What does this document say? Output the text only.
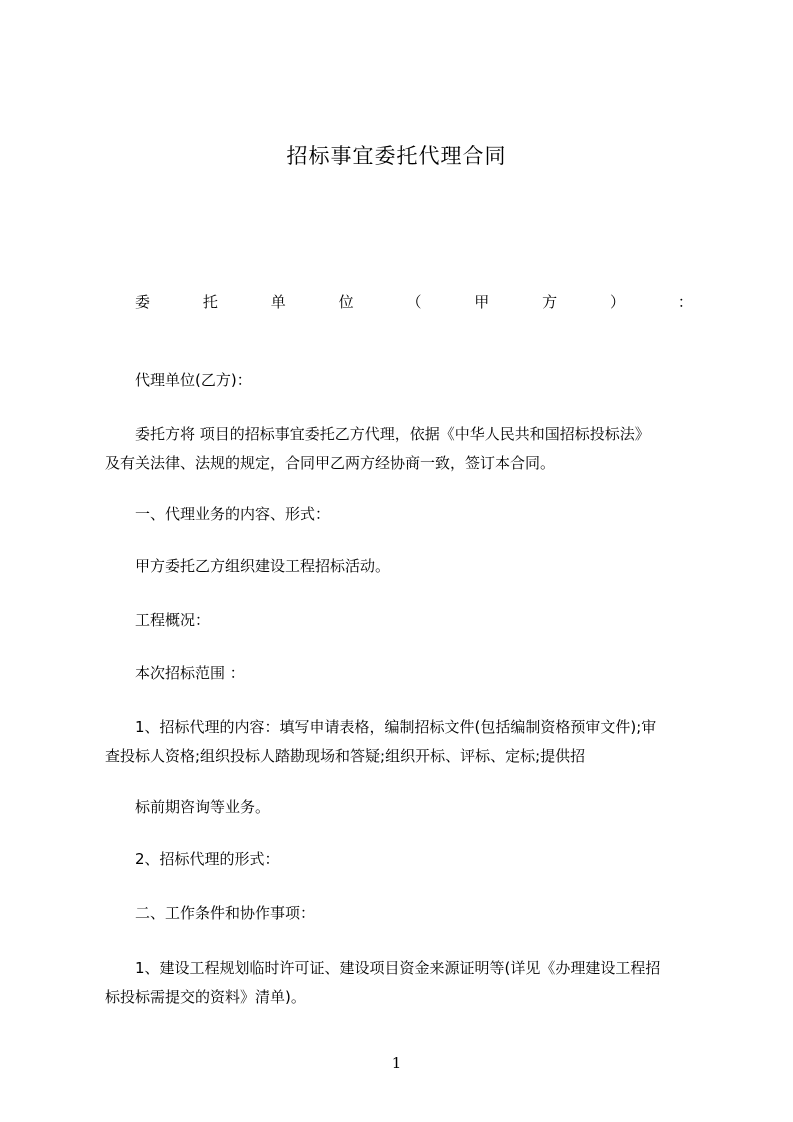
招标事宜委托代理合同
委	托	单	位	（	甲	方	）	：
代理单位(乙方)：
委托方将 项目的招标事宜委托乙方代理，依据《中华人民共和国招标投标法》
及有关法律、法规的规定，合同甲乙两方经协商一致，签订本合同。
一、代理业务的内容、形式：
甲方委托乙方组织建设工程招标活动。
工程概况：
本次招标范围 ：
1、招标代理的内容：填写申请表格，编制招标文件(包括编制资格预审文件);审
查投标人资格;组织投标人踏勘现场和答疑;组织开标、评标、定标;提供招
标前期咨询等业务。
2、招标代理的形式：
二、工作条件和协作事项：
1、建设工程规划临时许可证、建设项目资金来源证明等(详见《办理建设工程招
标投标需提交的资料》清单)。
1
